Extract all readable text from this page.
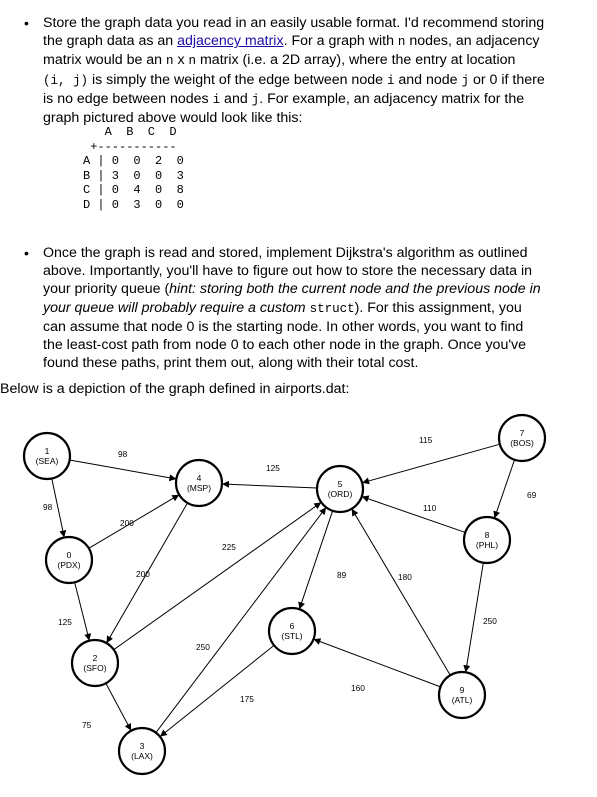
• Store the graph data you read in an easily usable format. I'd recommend storing
the graph data as an adjacency matrix. For a graph with n nodes, an adjacency
matrix would be an n x n matrix (i.e. a 2D array), where the entry at location
(i, j) is simply the weight of the edge between node i and node j or 0 if there
is no edge between nodes i and j. For example, an adjacency matrix for the
graph pictured above would look like this:
A  B  C  D
+-----------
A | 0  0  2  0
B | 3  0  0  3
C | 0  4  0  8
D | 0  3  0  0
• Once the graph is read and stored, implement Dijkstra's algorithm as outlined
above. Importantly, you'll have to figure out how to store the necessary data in
your priority queue (hint: storing both the current node and the previous node in
your queue will probably require a custom struct). For this assignment, you
can assume that node 0 is the starting node. In other words, you want to find
the least-cost path from node 0 to each other node in the graph. Once you've
found these paths, print them out, along with their total cost.
Below is a depiction of the graph defined in airports.dat:
98
98
200
125
200
125
225
75
175
250
89
115
69
110
180
250
160
1
(SEA)
0
(PDX)
2
(SFO)
3
(LAX)
4
(MSP)	5
(ORD)
6
(STL)
7
(BOS)
8
(PHL)
9
(ATL)
